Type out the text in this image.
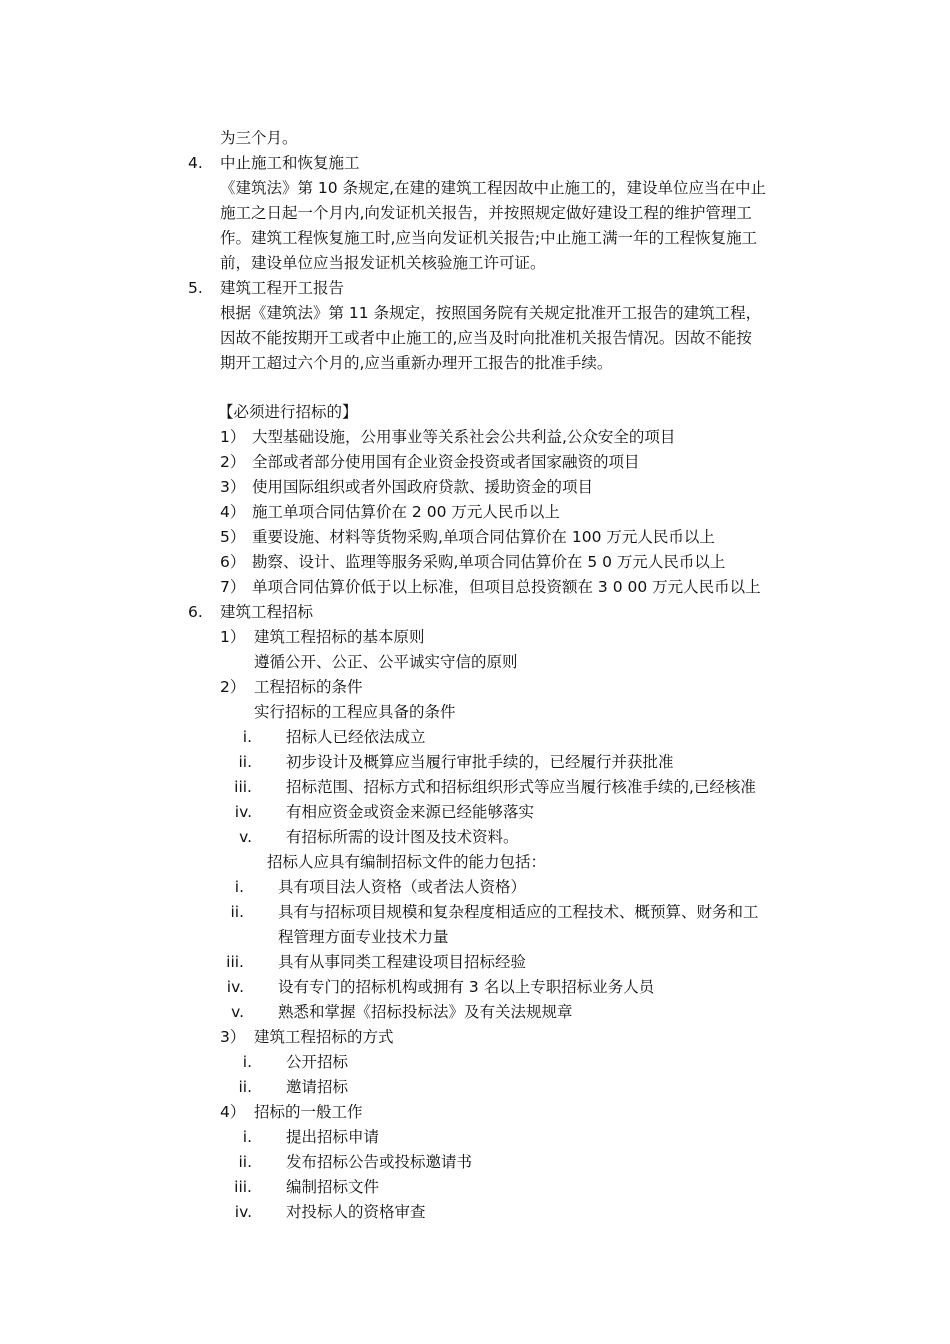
为三个月。
4. 中止施工和恢复施工
《建筑法》第 10 条规定,在建的建筑工程因故中止施工的，建设单位应当在中止
施工之日起一个月内,向发证机关报告，并按照规定做好建设工程的维护管理工
作。建筑工程恢复施工时,应当向发证机关报告;中止施工满一年的工程恢复施工
前，建设单位应当报发证机关核验施工许可证。
5. 建筑工程开工报告
根据《建筑法》第 11 条规定，按照国务院有关规定批准开工报告的建筑工程，
因故不能按期开工或者中止施工的,应当及时向批准机关报告情况。因故不能按
期开工超过六个月的,应当重新办理开工报告的批准手续。
【必须进行招标的】
1） 大型基础设施，公用事业等关系社会公共利益,公众安全的项目
2） 全部或者部分使用国有企业资金投资或者国家融资的项目
3） 使用国际组织或者外国政府贷款、援助资金的项目
4） 施工单项合同估算价在 2 00 万元人民币以上
5） 重要设施、材料等货物采购,单项合同估算价在 100 万元人民币以上
6） 勘察、设计、监理等服务采购,单项合同估算价在 5 0 万元人民币以上
7） 单项合同估算价低于以上标准，但项目总投资额在 3 0 00 万元人民币以上
6. 建筑工程招标
1） 建筑工程招标的基本原则
遵循公开、公正、公平诚实守信的原则
2） 工程招标的条件
实行招标的工程应具备的条件
i. 招标人已经依法成立
ii. 初步设计及概算应当履行审批手续的，已经履行并获批准
iii. 招标范围、招标方式和招标组织形式等应当履行核准手续的,已经核准
iv. 有相应资金或资金来源已经能够落实
v. 有招标所需的设计图及技术资料。
招标人应具有编制招标文件的能力包括：
i. 具有项目法人资格（或者法人资格）
ii. 具有与招标项目规模和复杂程度相适应的工程技术、概预算、财务和工
程管理方面专业技术力量
iii. 具有从事同类工程建设项目招标经验
iv. 设有专门的招标机构或拥有 3 名以上专职招标业务人员
v. 熟悉和掌握《招标投标法》及有关法规规章
3） 建筑工程招标的方式
i. 公开招标
ii. 邀请招标
4） 招标的一般工作
i. 提出招标申请
ii. 发布招标公告或投标邀请书
iii. 编制招标文件
iv. 对投标人的资格审查
